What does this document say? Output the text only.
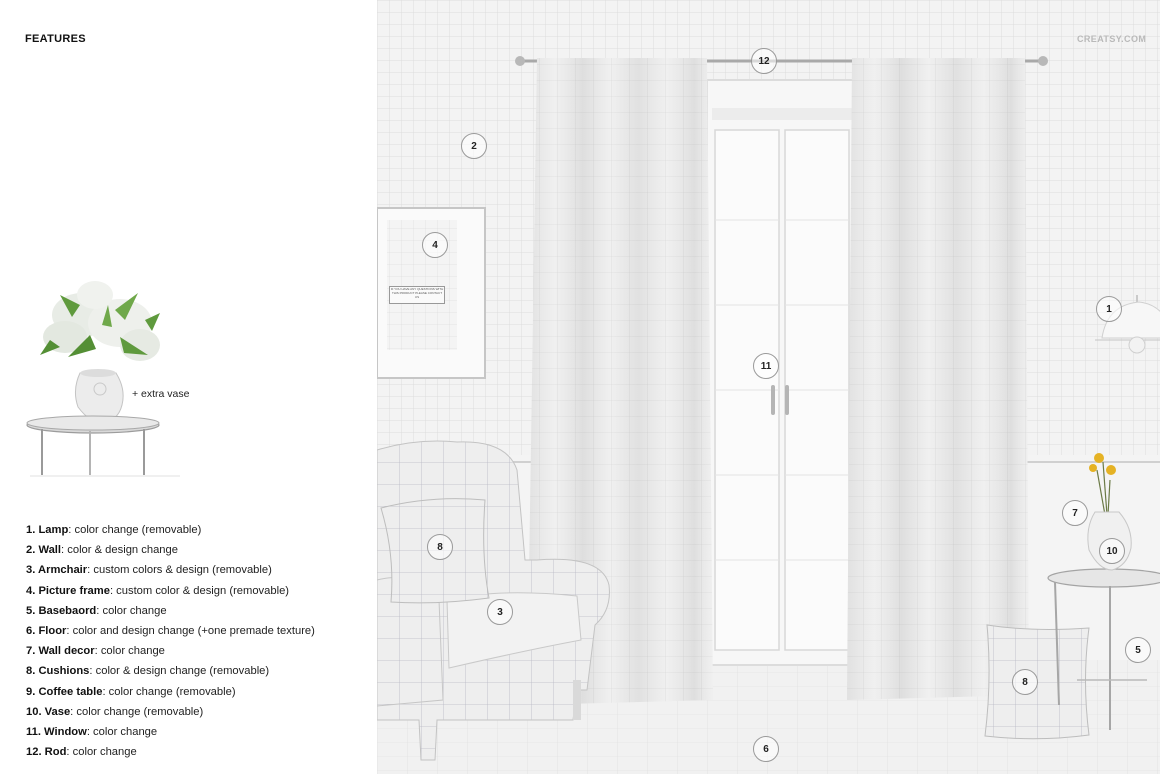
FEATURES
+ extra vase
1. Lamp: color change (removable)
2. Wall: color & design change
3. Armchair: custom colors & design (removable)
4. Picture frame: custom color & design (removable)
5. Basebaord: color change
6. Floor: color and design change (+one premade texture)
7. Wall decor: color change
8. Cushions: color & design change (removable)
9. Coffee table: color change (removable)
10. Vase: color change (removable)
11. Window: color change
12. Rod: color change
CREATSY.COM
IF YOU HAVE ANY QUESTIONS WITH THIS PRODUCT PLEASE CONTACT US
1
2
3
4
5
6
7
8
8
10
11
12
